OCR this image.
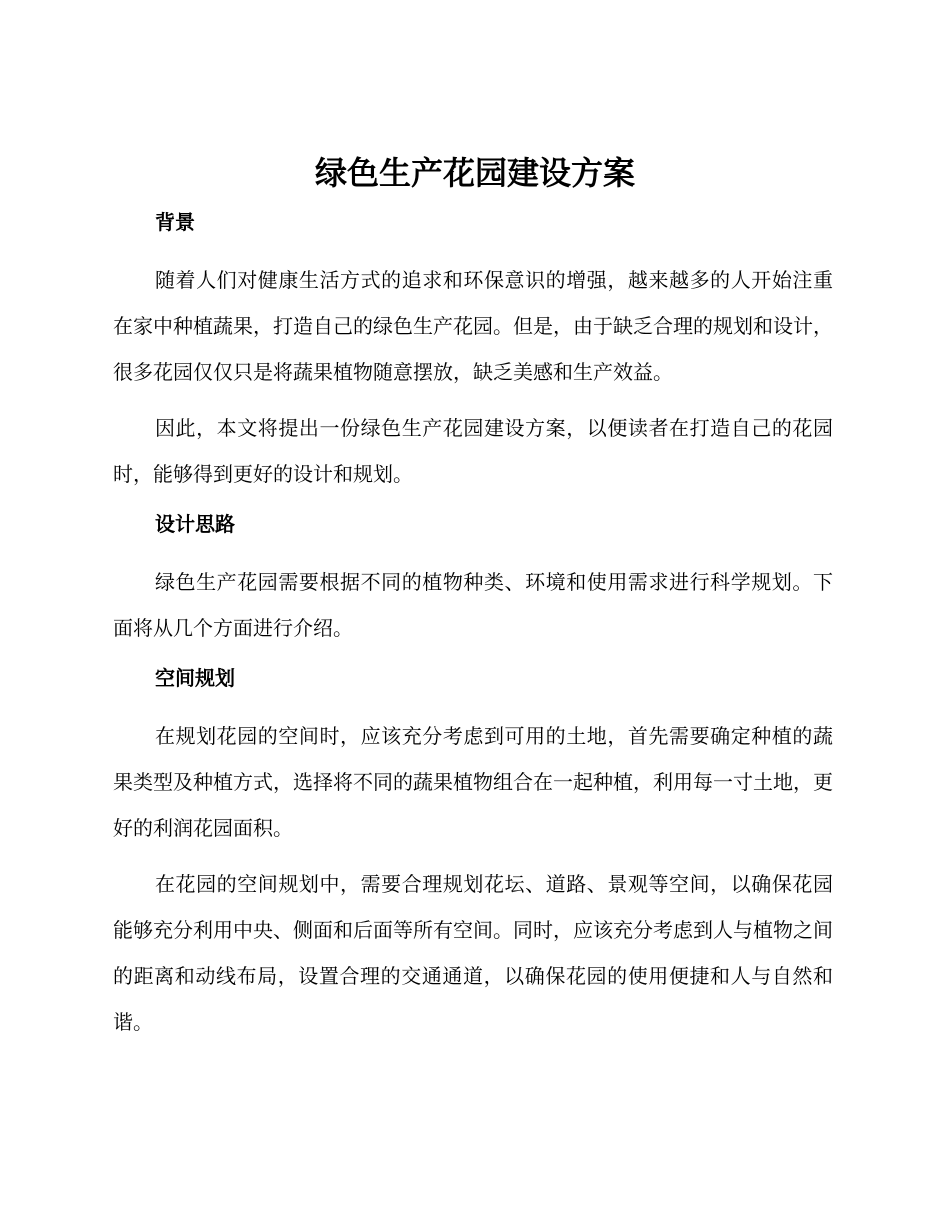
绿色生产花园建设方案
背景

随着人们对健康生活方式的追求和环保意识的增强，越来越多的人开始注重在家中种植蔬果，打造自己的绿色生产花园。但是，由于缺乏合理的规划和设计，很多花园仅仅只是将蔬果植物随意摆放，缺乏美感和生产效益。

因此，本文将提出一份绿色生产花园建设方案，以便读者在打造自己的花园时，能够得到更好的设计和规划。

设计思路

绿色生产花园需要根据不同的植物种类、环境和使用需求进行科学规划。下面将从几个方面进行介绍。

空间规划

在规划花园的空间时，应该充分考虑到可用的土地，首先需要确定种植的蔬果类型及种植方式，选择将不同的蔬果植物组合在一起种植，利用每一寸土地，更好的利润花园面积。

在花园的空间规划中，需要合理规划花坛、道路、景观等空间，以确保花园能够充分利用中央、侧面和后面等所有空间。同时，应该充分考虑到人与植物之间的距离和动线布局，设置合理的交通通道，以确保花园的使用便捷和人与自然和谐。
